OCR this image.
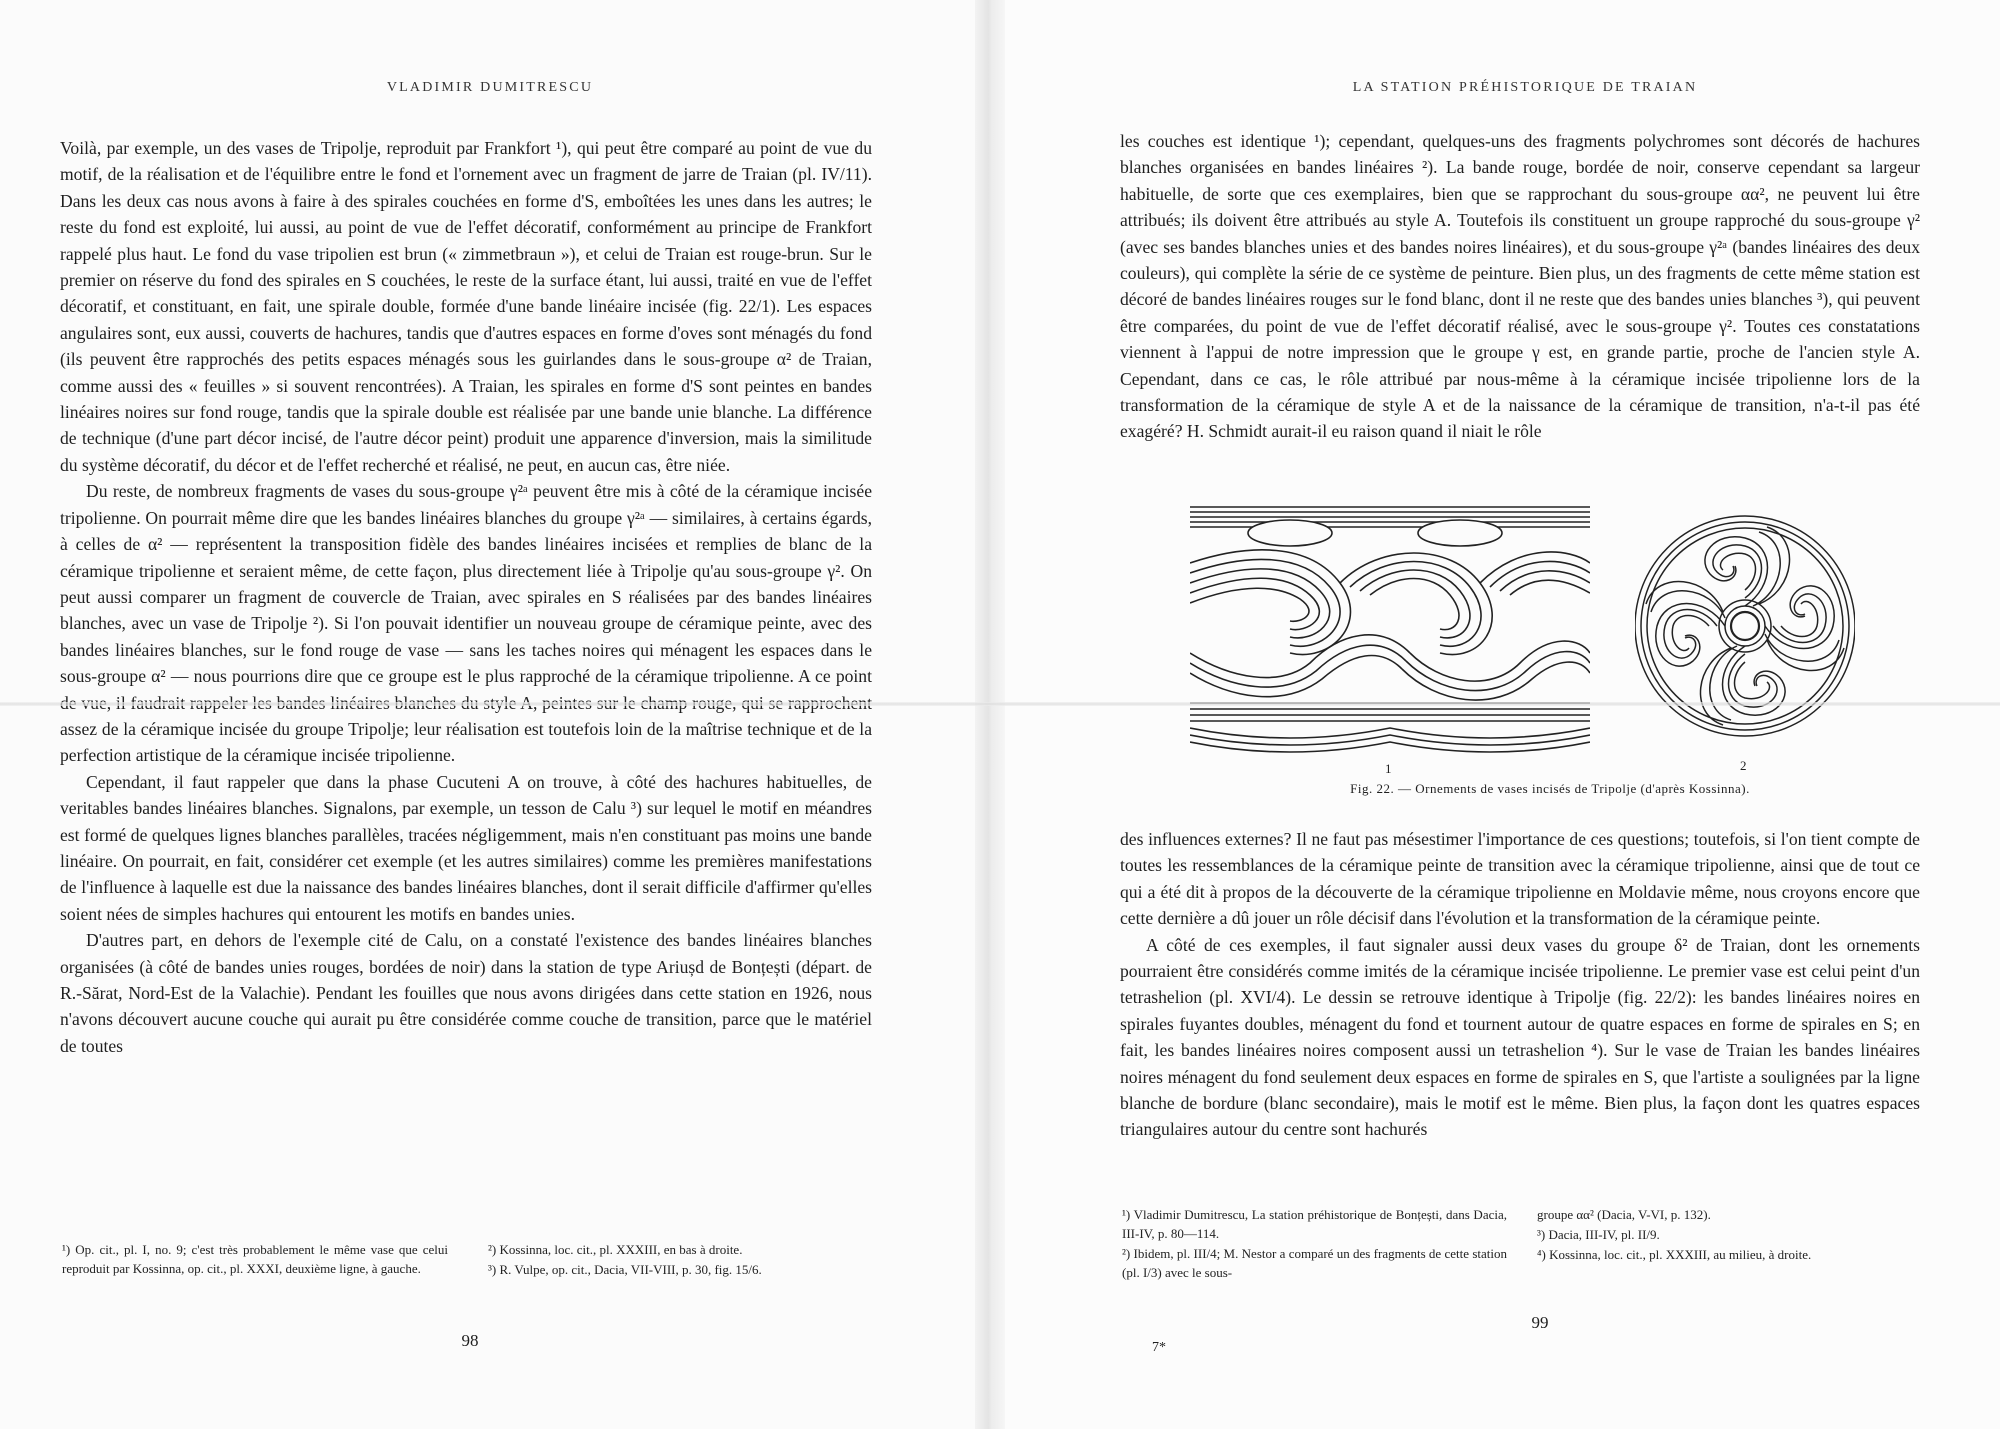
VLADIMIR DUMITRESCU

Voilà, par exemple, un des vases de Tripolje, reproduit par Frankfort ¹), qui peut être comparé au point de vue du motif, de la réalisation et de l'équilibre entre le fond et l'ornement avec un fragment de jarre de Traian (pl. IV/11). Dans les deux cas nous avons à faire à des spirales couchées en forme d'S, emboîtées les unes dans les autres; le reste du fond est exploité, lui aussi, au point de vue de l'effet décoratif, conformément au principe de Frankfort rappelé plus haut. Le fond du vase tripolien est brun (« zimmetbraun »), et celui de Traian est rouge-brun. Sur le premier on réserve du fond des spirales en S couchées, le reste de la surface étant, lui aussi, traité en vue de l'effet décoratif, et constituant, en fait, une spirale double, formée d'une bande linéaire incisée (fig. 22/1). Les espaces angulaires sont, eux aussi, couverts de hachures, tandis que d'autres espaces en forme d'oves sont ménagés du fond (ils peuvent être rapprochés des petits espaces ménagés sous les guirlandes dans le sous-groupe α² de Traian, comme aussi des « feuilles » si souvent rencontrées). A Traian, les spirales en forme d'S sont peintes en bandes linéaires noires sur fond rouge, tandis que la spirale double est réalisée par une bande unie blanche. La différence de technique (d'une part décor incisé, de l'autre décor peint) produit une apparence d'inversion, mais la similitude du système décoratif, du décor et de l'effet recherché et réalisé, ne peut, en aucun cas, être niée.

Du reste, de nombreux fragments de vases du sous-groupe γ²ᵃ peuvent être mis à côté de la céramique incisée tripolienne. On pourrait même dire que les bandes linéaires blanches du groupe γ²ᵃ — similaires, à certains égards, à celles de α² — représentent la transposition fidèle des bandes linéaires incisées et remplies de blanc de la céramique tripolienne et seraient même, de cette façon, plus directement liée à Tripolje qu'au sous-groupe γ². On peut aussi comparer un fragment de couvercle de Traian, avec spirales en S réalisées par des bandes linéaires blanches, avec un vase de Tripolje ²). Si l'on pouvait identifier un nouveau groupe de céramique peinte, avec des bandes linéaires blanches, sur le fond rouge de vase — sans les taches noires qui ménagent les espaces dans le sous-groupe α² — nous pourrions dire que ce groupe est le plus rapproché de la céramique tripolienne. A ce point assez de la céramique incisée du groupe Tripolje; leur réalisation est toutefois loin de la maîtrise technique et de la perfection artistique de la céramique incisée tripolienne.

Cependant, il faut rappeler que dans la phase Cucuteni A on trouve, à côté des hachures habituelles, de veritables bandes linéaires blanches. Signalons, par exemple, un tesson de Calu ³) sur lequel le motif en méandres est formé de quelques lignes blanches parallèles, tracées négligemment, mais n'en constituant pas moins une bande linéaire. On pourrait, en fait, considérer cet exemple (et les autres similaires) comme les premières manifestations de l'influence à laquelle est due la naissance des bandes linéaires blanches, dont il serait difficile d'affirmer qu'elles soient nées de simples hachures qui entourent les motifs en bandes unies.

D'autres part, en dehors de l'exemple cité de Calu, on a constaté l'existence des bandes linéaires blanches organisées (à côté de bandes unies rouges, bordées de noir) dans la station de type Ariușd de Bonțești (départ. de R.-Sărat, Nord-Est de la Valachie). Pendant les fouilles que nous avons dirigées dans cette station en 1926, nous n'avons découvert aucune couche qui aurait pu être considérée comme couche de transition, parce que le matériel de toutes

¹) Op. cit., pl. I, no. 9; c'est très probablement le même vase que celui reproduit par Kossinna, op. cit., pl. XXXI, deuxième ligne, à gauche.
²) Kossinna, loc. cit., pl. XXXIII, en bas à droite.
³) R. Vulpe, op. cit., Dacia, VII-VIII, p. 30, fig. 15/6.
98
LA STATION PRÉHISTORIQUE DE TRAIAN

les couches est identique ¹); cependant, quelques-uns des fragments polychromes sont décorés de hachures blanches organisées en bandes linéaires ²). La bande rouge, bordée de noir, conserve cependant sa largeur habituelle, de sorte que ces exemplaires, bien que se rapprochant du sous-groupe αα², ne peuvent lui être attribués; ils doivent être attribués au style A. Toutefois ils constituent un groupe rapproché du sous-groupe γ² (avec ses bandes blanches unies et des bandes noires linéaires), et du sous-groupe γ²ᵃ (bandes linéaires des deux couleurs), qui complète la série de ce système de peinture. Bien plus, un des fragments de cette même station est décoré de bandes linéaires rouges sur le fond blanc, dont il ne reste que des bandes unies blanches ³), qui peuvent être comparées, du point de vue de l'effet décoratif réalisé, avec le sous-groupe γ². Toutes ces constatations viennent à l'appui de notre impression que le groupe γ est, en grande partie, proche de l'ancien style A. Cependant, dans ce cas, le rôle attribué par nous-même à la céramique incisée tripolienne lors de la transformation de la céramique de style A et de la naissance de la céramique de transition, n'a-t-il pas été exagéré? H. Schmidt aurait-il eu raison quand il niait le rôle

1	2
Fig. 22. — Ornements de vases incisés de Tripolje (d'après Kossinna).

des influences externes? Il ne faut pas mésestimer l'importance de ces questions; toutefois, si l'on tient compte de toutes les ressemblances de la céramique peinte de transition avec la céramique tripolienne, ainsi que de tout ce qui a été dit à propos de la découverte de la céramique tripolienne en Moldavie même, nous croyons encore que cette dernière a dû jouer un rôle décisif dans l'évolution et la transformation de la céramique peinte.

A côté de ces exemples, il faut signaler aussi deux vases du groupe δ² de Traian, dont les ornements pourraient être considérés comme imités de la céramique incisée tripolienne. Le premier vase est celui peint d'un tetrashelion (pl. XVI/4). Le dessin se retrouve identique à Tripolje (fig. 22/2): les bandes linéaires noires en spirales fuyantes doubles, ménagent du fond et tournent autour de quatre espaces en forme de spirales en S; en fait, les bandes linéaires noires composent aussi un tetrashelion ⁴). Sur le vase de Traian les bandes linéaires noires ménagent du fond seulement deux espaces en forme de spirales en S, que l'artiste a soulignées par la ligne blanche de bordure (blanc secondaire), mais le motif est le même. Bien plus, la façon dont les quatres espaces triangulaires autour du centre sont hachurés

¹) Vladimir Dumitrescu, La station préhistorique de Bonțești, dans Dacia, III-IV, p. 80—114.
²) Ibidem, pl. III/4; M. Nestor a comparé un des fragments de cette station (pl. I/3) avec le sous-
groupe αα² (Dacia, V-VI, p. 132).
³) Dacia, III-IV, pl. II/9.
⁴) Kossinna, loc. cit., pl. XXXIII, au milieu, à droite.
99
7*
